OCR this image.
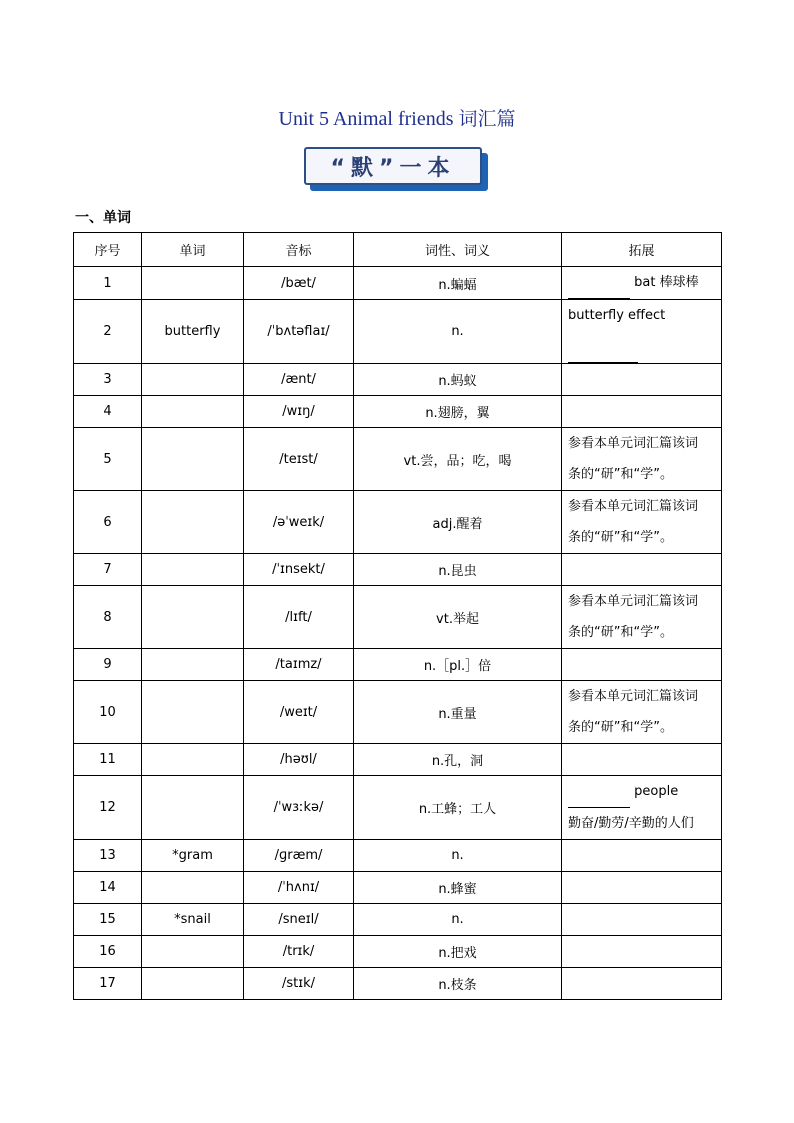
Unit 5 Animal friends 词汇篇
“默”一本
一、单词
序号	单词	音标	词性、词义	拓展
1		/bæt/	n.蝙蝠	bat 棒球棒
2	butterfly	/ˈbʌtəflaɪ/	n.	butterfly effect

3		/ænt/	n.蚂蚁	
4		/wɪŋ/	n.翅膀，翼	
5		/teɪst/	vt.尝，品；吃，喝	参看本单元词汇篇该词
条的“研”和“学”。

6		/əˈweɪk/	adj.醒着	参看本单元词汇篇该词
条的“研”和“学”。

7		/ˈɪnsekt/	n.昆虫	
8		/lɪft/	vt.举起	参看本单元词汇篇该词
条的“研”和“学”。

9		/taɪmz/	n.［pl.］倍	
10		/weɪt/	n.重量	参看本单元词汇篇该词
条的“研”和“学”。

11		/həʊl/	n.孔，洞	
12		/ˈwɜːkə/	n.工蜂；工人	people
勤奋/勤劳/辛勤的人们

13	*gram	/ɡræm/	n.	
14		/ˈhʌnɪ/	n.蜂蜜	
15	*snail	/sneɪl/	n.	
16		/trɪk/	n.把戏	
17		/stɪk/	n.枝条	
